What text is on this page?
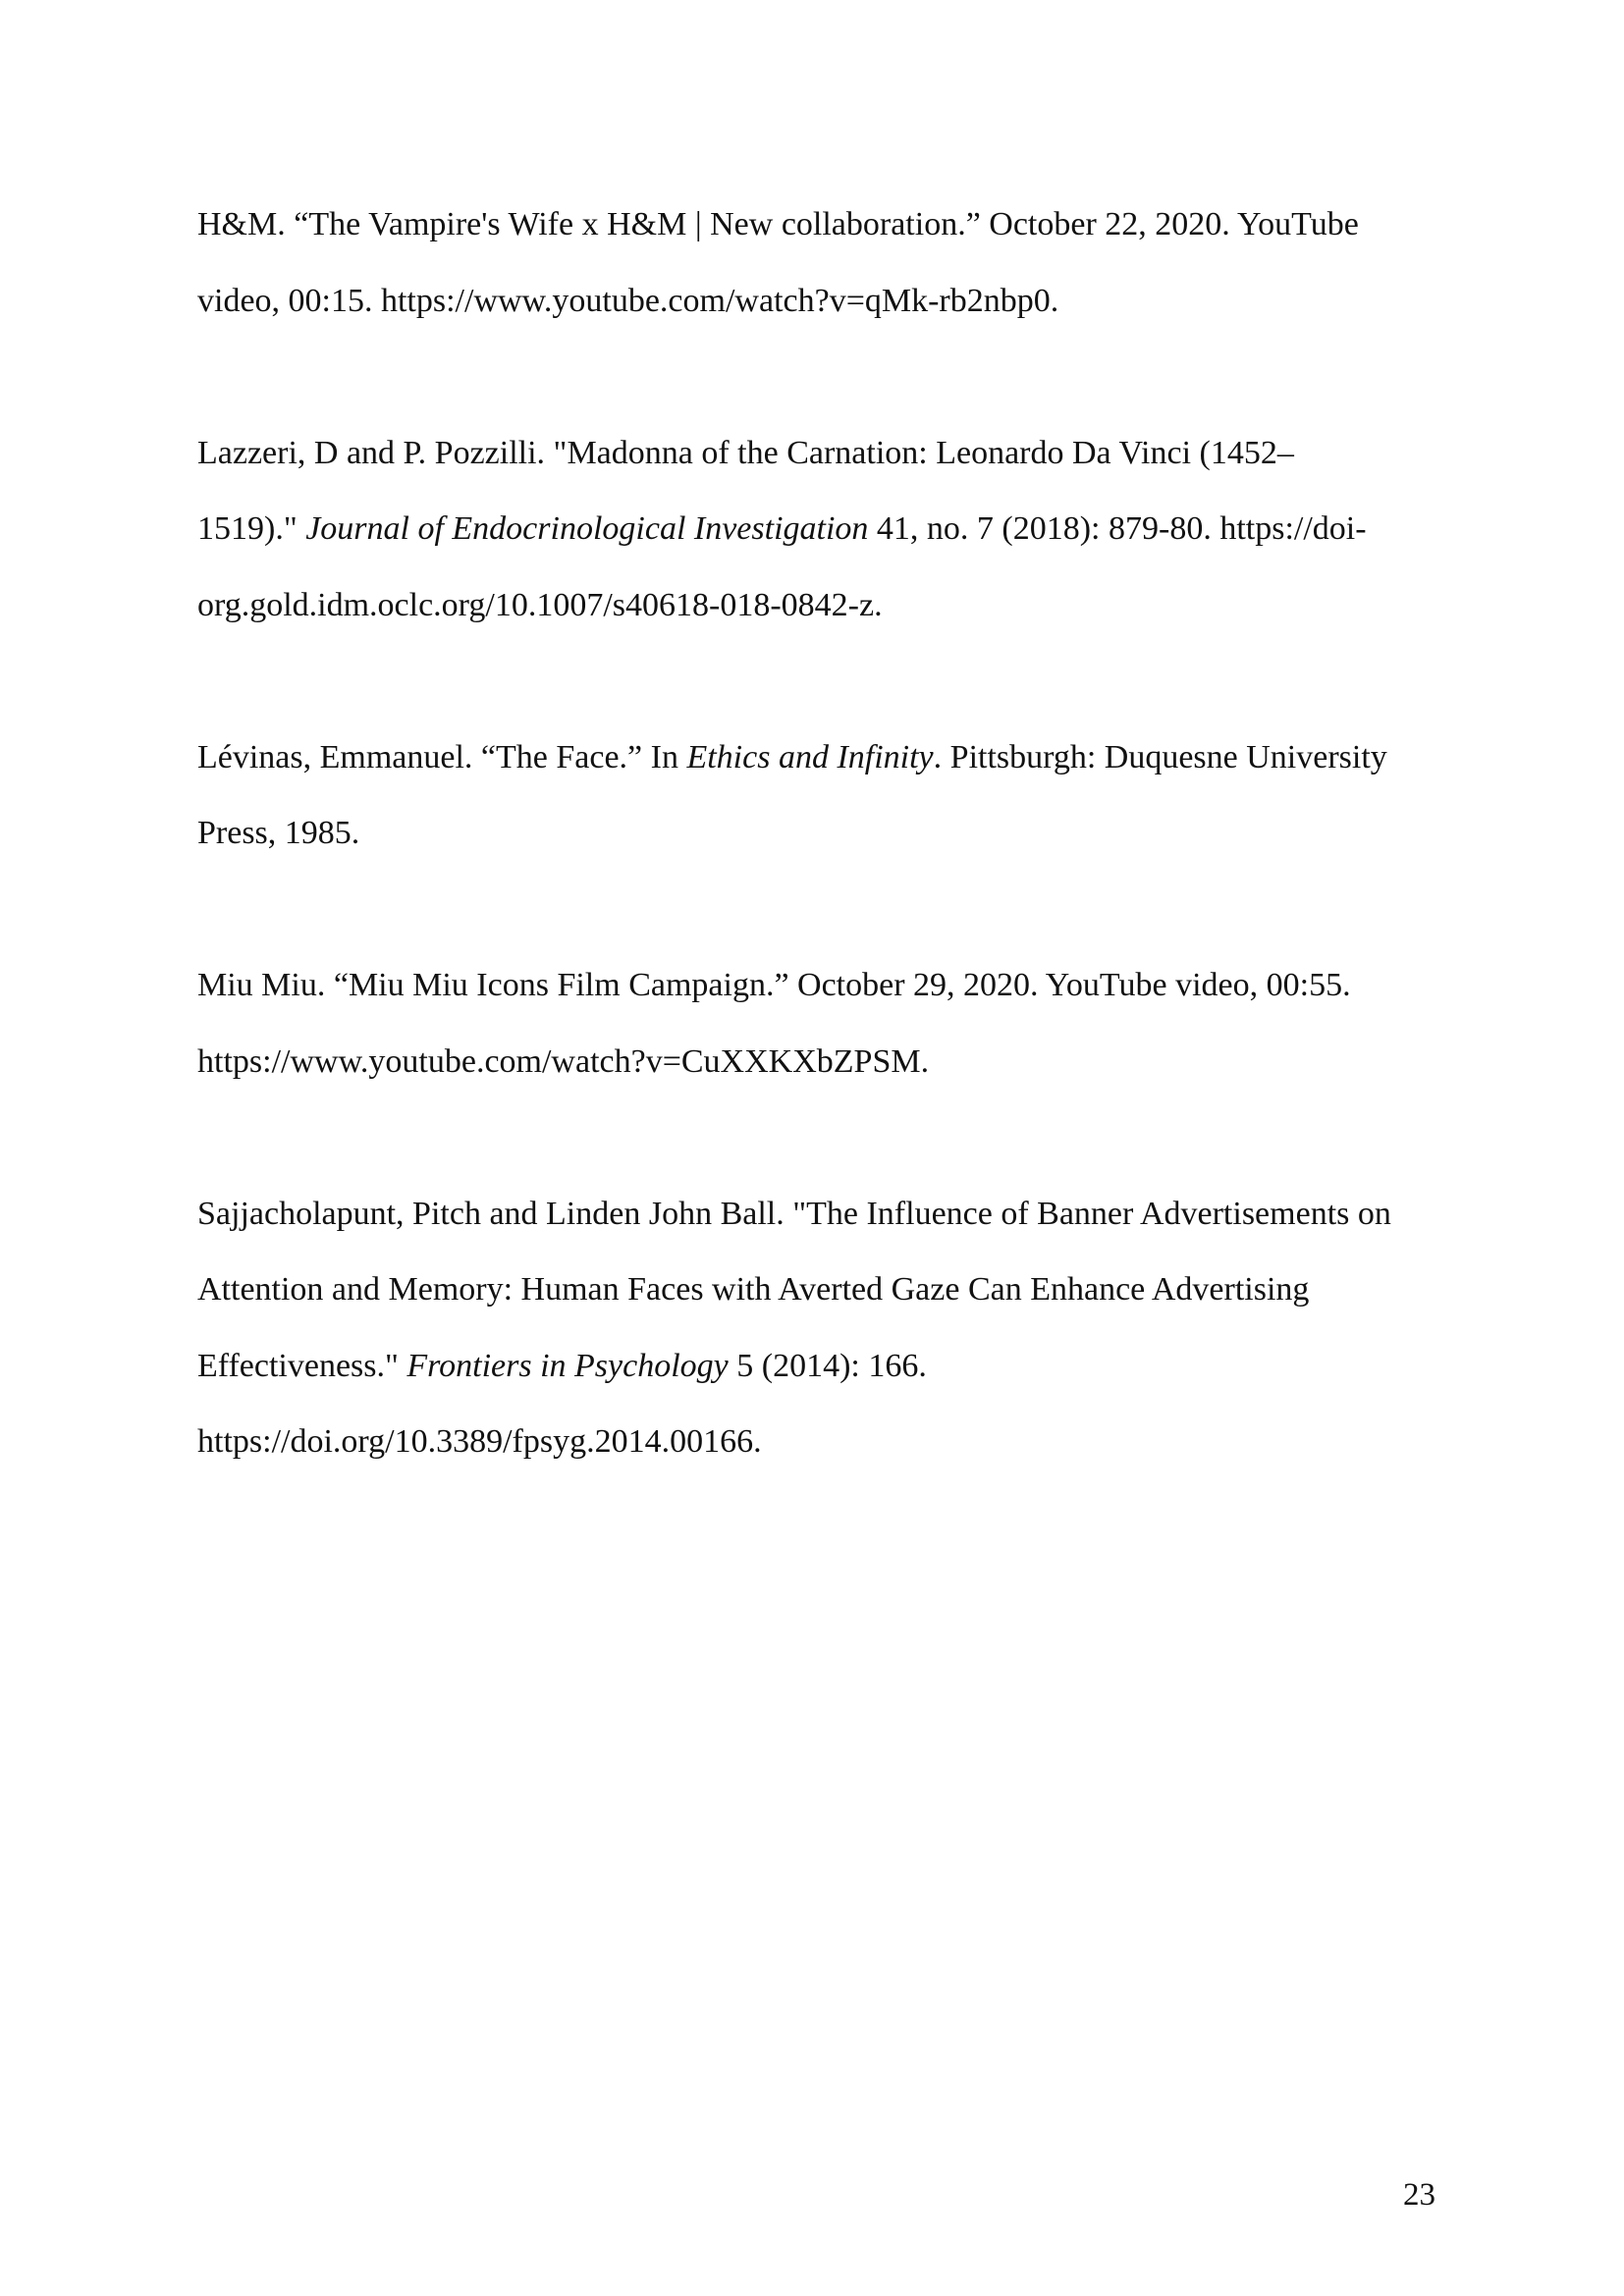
H&M. “The Vampire's Wife x H&M | New collaboration.” October 22, 2020. YouTube
video, 00:15. https://www.youtube.com/watch?v=qMk-rb2nbp0.
Lazzeri, D and P. Pozzilli. "Madonna of the Carnation: Leonardo Da Vinci (1452–
1519)." Journal of Endocrinological Investigation 41, no. 7 (2018): 879-80. https://doi-
org.gold.idm.oclc.org/10.1007/s40618-018-0842-z.
Lévinas, Emmanuel. “The Face.” In Ethics and Infinity. Pittsburgh: Duquesne University
Press, 1985.
Miu Miu. “Miu Miu Icons Film Campaign.” October 29, 2020. YouTube video, 00:55.
https://www.youtube.com/watch?v=CuXXKXbZPSM.
Sajjacholapunt, Pitch and Linden John Ball. "The Influence of Banner Advertisements on
Attention and Memory: Human Faces with Averted Gaze Can Enhance Advertising
Effectiveness." Frontiers in Psychology 5 (2014): 166.
https://doi.org/10.3389/fpsyg.2014.00166.
23
